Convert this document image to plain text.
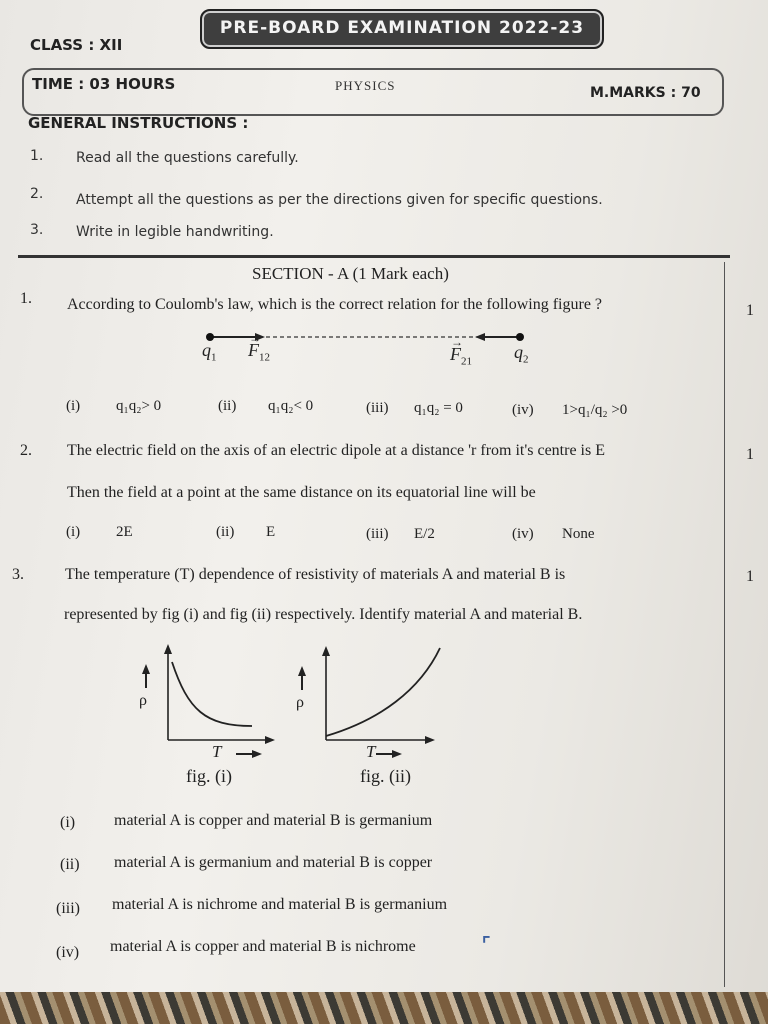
PRE-BOARD EXAMINATION 2022-23
CLASS : XII
TIME : 03 HOURS	PHYSICS	M.MARKS : 70
GENERAL INSTRUCTIONS :
1. Read all the questions carefully.
2. Attempt all the questions as per the directions given for specific questions.
3. Write in legible handwriting.
SECTION - A (1 Mark each)
1. According to Coulomb's law, which is the correct relation for the following figure ?	1
$q_1$ $F_{12}$
→
$F_{21}$
→	$q_2$
(i) q₁q₂> 0	(ii) q₁q₂< 0	(iii) q₁q₂ = 0	(iv) 1>q₁/q₂ >0
2. The electric field on the axis of an electric dipole at a distance 'r from it's centre is E	1
Then the field at a point at the same distance on its equatorial line will be
(i) 2E	(ii) E	(iii) E/2	(iv) None
3.	The temperature (T) dependence of resistivity of materials A and material B is	1
represented by fig (i) and fig (ii) respectively. Identify material A and material B.
ρ
T
fig. (i)
ρ
T
fig. (ii)
(i) material A is copper and material B is germanium
(ii) material A is germanium and material B is copper
(iii) material A is nichrome and material B is germanium
(iv) material A is copper and material B is nichrome	⌜
